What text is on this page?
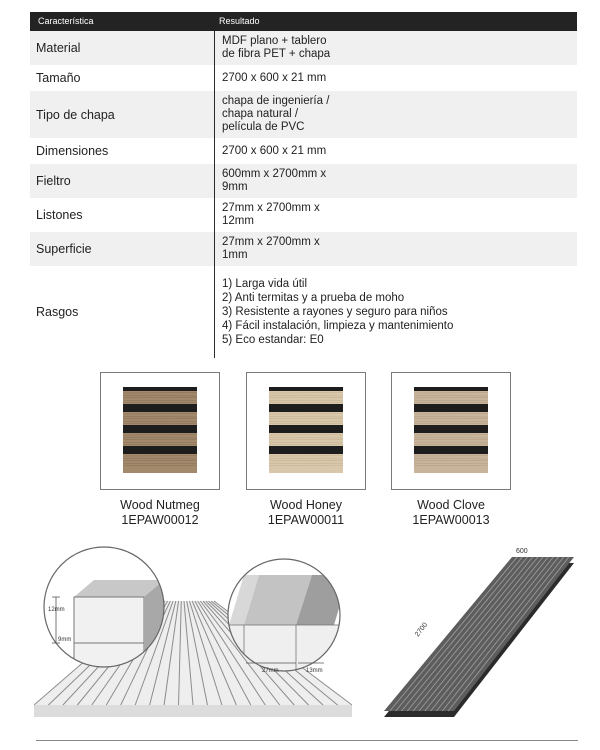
Característica	Resultado
Material	MDF plano + tablero
de fibra PET + chapa
Tamaño	2700 x 600 x 21 mm
Tipo de chapa
chapa de ingeniería /
chapa natural /
película de PVC
Dimensiones	2700 x 600 x 21 mm
Fieltro	600mm x 2700mm x
9mm
Listones	27mm x 2700mm x
12mm
Superficie	27mm x 2700mm x
1mm
Rasgos
1) Larga vida útil
2) Anti termitas y a prueba de moho
3) Resistente a rayones y seguro para niños
4) Fácil instalación, limpieza y mantenimiento
5) Eco estandar: E0
Wood Nutmeg
1EPAW00012
Wood Honey
1EPAW00011
Wood Clove
1EPAW00013
12mm
9mm
27mm	13mm
600
2700
